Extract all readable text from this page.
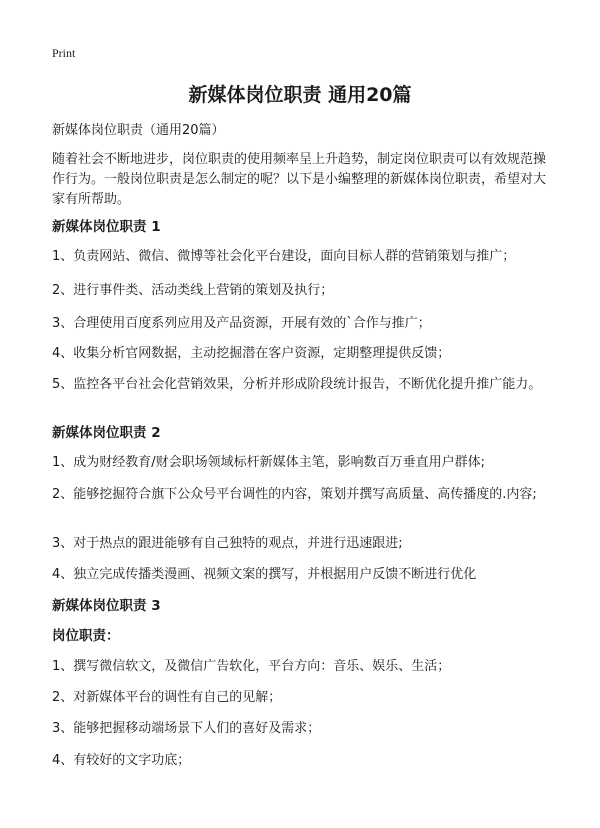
Print
新媒体岗位职责 通用20篇
新媒体岗位职责（通用20篇）
随着社会不断地进步，岗位职责的使用频率呈上升趋势，制定岗位职责可以有效规范操作行为。一般岗位职责是怎么制定的呢？以下是小编整理的新媒体岗位职责，希望对大家有所帮助。
新媒体岗位职责 1
1、负责网站、微信、微博等社会化平台建设，面向目标人群的营销策划与推广；
2、进行事件类、活动类线上营销的策划及执行；
3、合理使用百度系列应用及产品资源，开展有效的`合作与推广；
4、收集分析官网数据，主动挖掘潜在客户资源，定期整理提供反馈；
5、监控各平台社会化营销效果，分析并形成阶段统计报告，不断优化提升推广能力。
新媒体岗位职责 2
1、成为财经教育/财会职场领域标杆新媒体主笔，影响数百万垂直用户群体;
2、能够挖掘符合旗下公众号平台调性的内容，策划并撰写高质量、高传播度的.内容;
3、对于热点的跟进能够有自己独特的观点，并进行迅速跟进;
4、独立完成传播类漫画、视频文案的撰写，并根据用户反馈不断进行优化
新媒体岗位职责 3
岗位职责：
1、撰写微信软文，及微信广告软化，平台方向：音乐、娱乐、生活；
2、对新媒体平台的调性有自己的见解；
3、能够把握移动端场景下人们的喜好及需求；
4、有较好的文字功底；
